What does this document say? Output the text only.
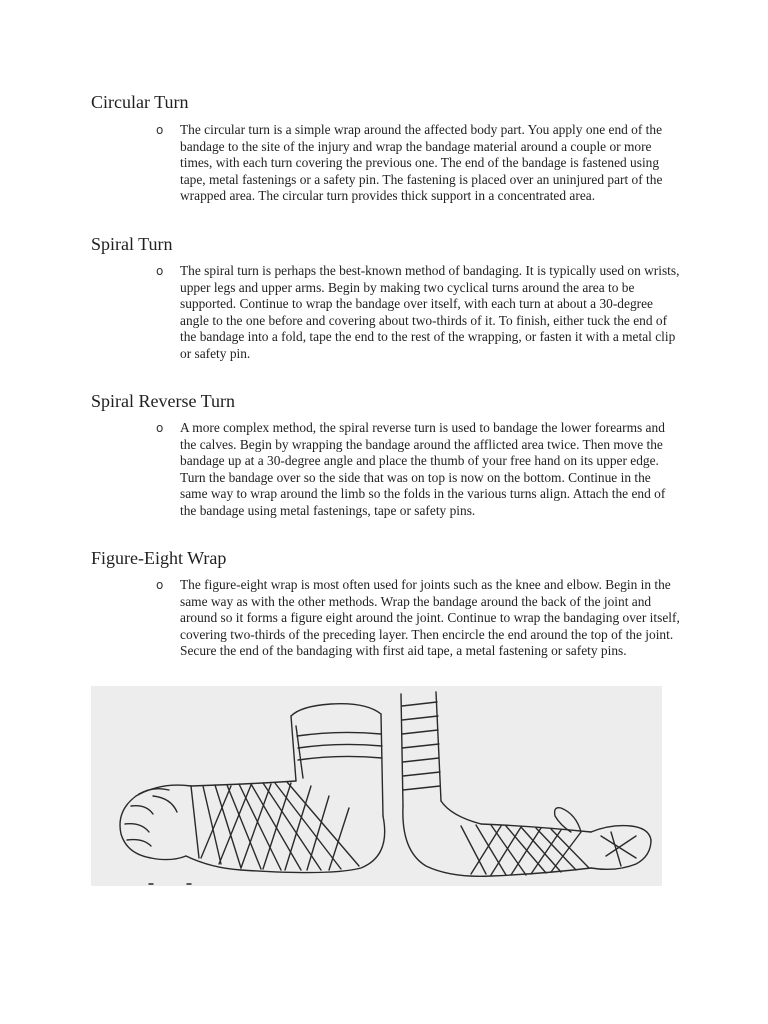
Circular Turn
o The circular turn is a simple wrap around the affected body part. You apply one end of the bandage to the site of the injury and wrap the bandage material around a couple or more times, with each turn covering the previous one. The end of the bandage is fastened using tape, metal fastenings or a safety pin. The fastening is placed over an uninjured part of the wrapped area. The circular turn provides thick support in a concentrated area.
Spiral Turn
o The spiral turn is perhaps the best-known method of bandaging. It is typically used on wrists, upper legs and upper arms. Begin by making two cyclical turns around the area to be supported. Continue to wrap the bandage over itself, with each turn at about a 30-degree angle to the one before and covering about two-thirds of it. To finish, either tuck the end of the bandage into a fold, tape the end to the rest of the wrapping, or fasten it with a metal clip or safety pin.
Spiral Reverse Turn
o A more complex method, the spiral reverse turn is used to bandage the lower forearms and the calves. Begin by wrapping the bandage around the afflicted area twice. Then move the bandage up at a 30-degree angle and place the thumb of your free hand on its upper edge. Turn the bandage over so the side that was on top is now on the bottom. Continue in the same way to wrap around the limb so the folds in the various turns align. Attach the end of the bandage using metal fastenings, tape or safety pins.
Figure-Eight Wrap
o The figure-eight wrap is most often used for joints such as the knee and elbow. Begin in the same way as with the other methods. Wrap the bandage around the back of the joint and around so it forms a figure eight around the joint. Continue to wrap the bandaging over itself, covering two-thirds of the preceding layer. Then encircle the end around the top of the joint. Secure the end of the bandaging with first aid tape, a metal fastening or safety pins.
